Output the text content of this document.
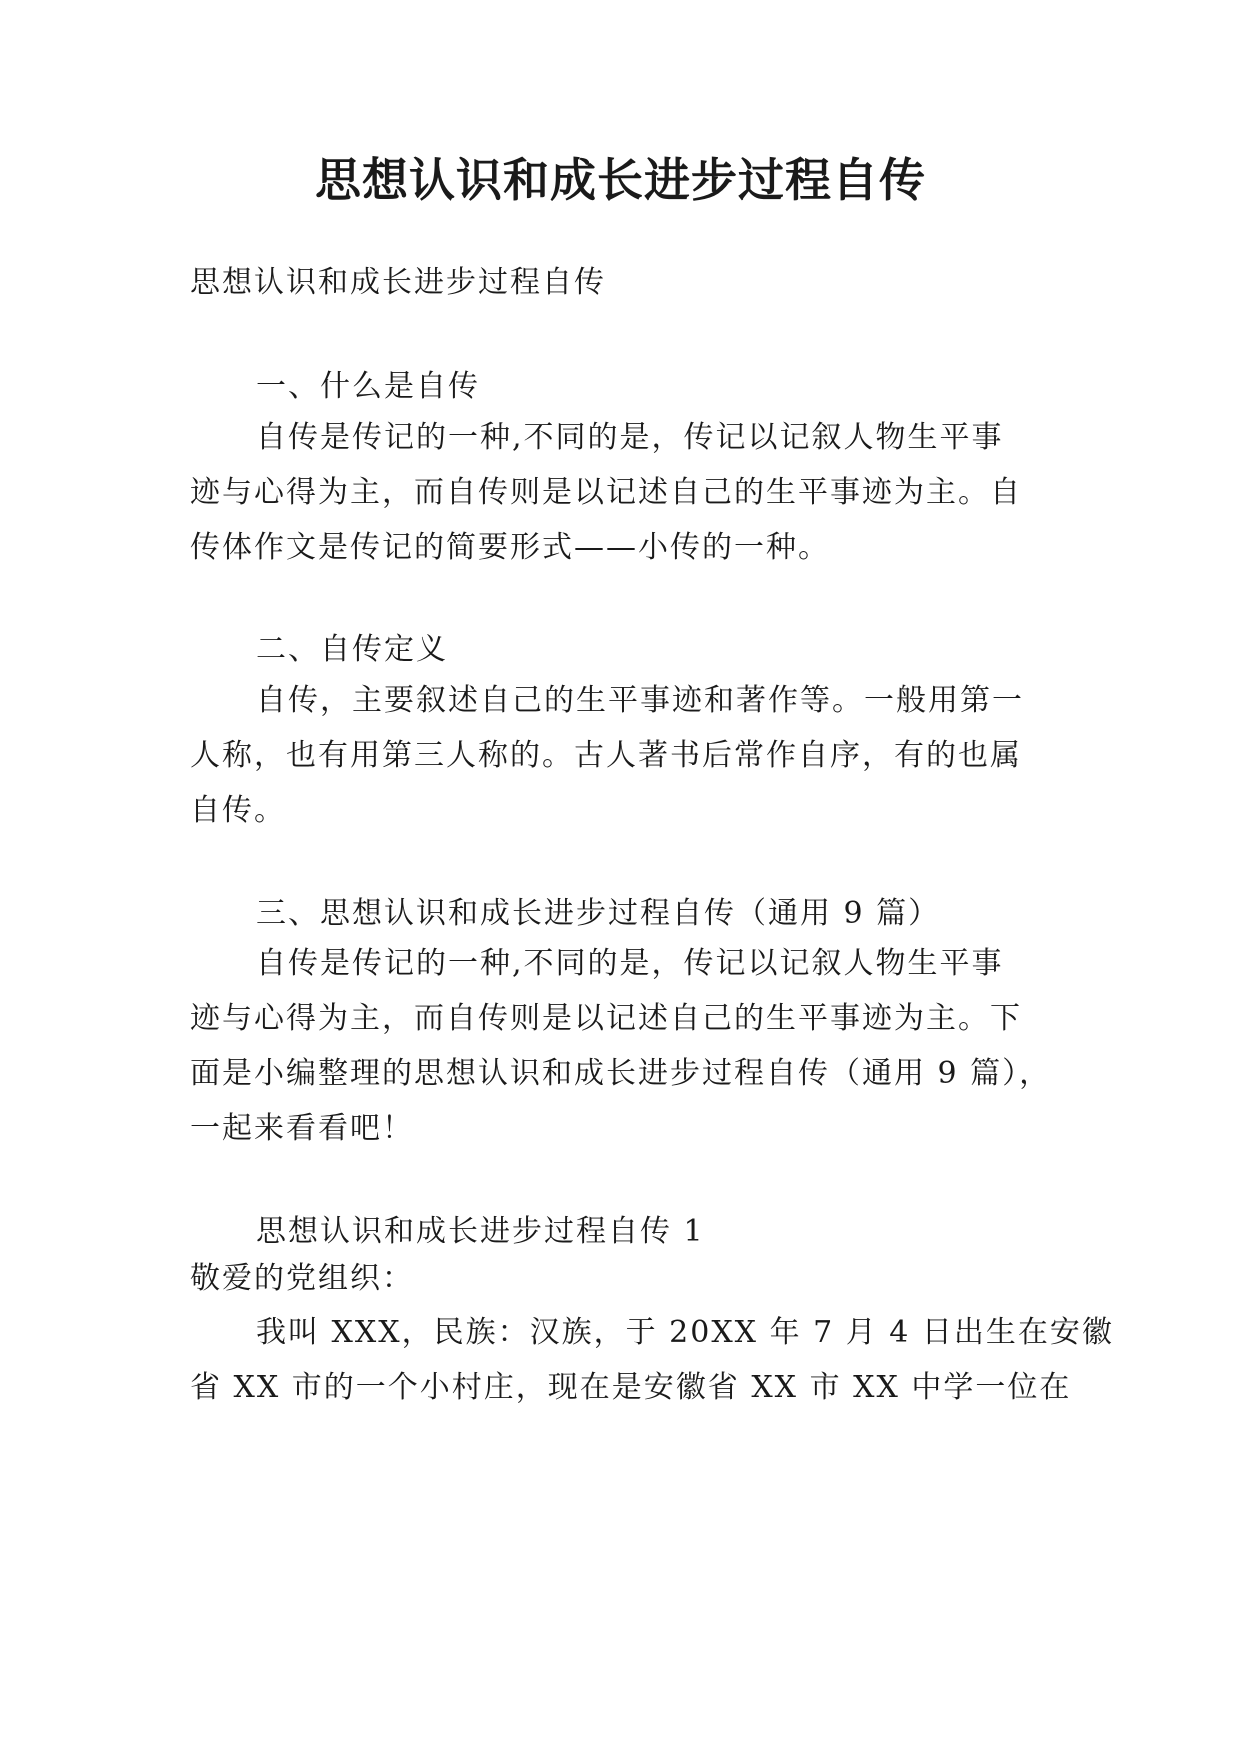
思想认识和成长进步过程自传
思想认识和成长进步过程自传
一、什么是自传
自传是传记的一种,不同的是，传记以记叙人物生平事
迹与心得为主，而自传则是以记述自己的生平事迹为主。自
传体作文是传记的简要形式——小传的一种。
二、自传定义
自传，主要叙述自己的生平事迹和著作等。一般用第一
人称，也有用第三人称的。古人著书后常作自序，有的也属
自传。
三、思想认识和成长进步过程自传（通用 9 篇）
自传是传记的一种,不同的是，传记以记叙人物生平事
迹与心得为主，而自传则是以记述自己的生平事迹为主。下
面是小编整理的思想认识和成长进步过程自传（通用 9 篇），
一起来看看吧！
思想认识和成长进步过程自传 1
敬爱的党组织：
我叫 XXX，民族：汉族，于 20XX 年 7 月 4 日出生在安徽
省 XX 市的一个小村庄，现在是安徽省 XX 市 XX 中学一位在
